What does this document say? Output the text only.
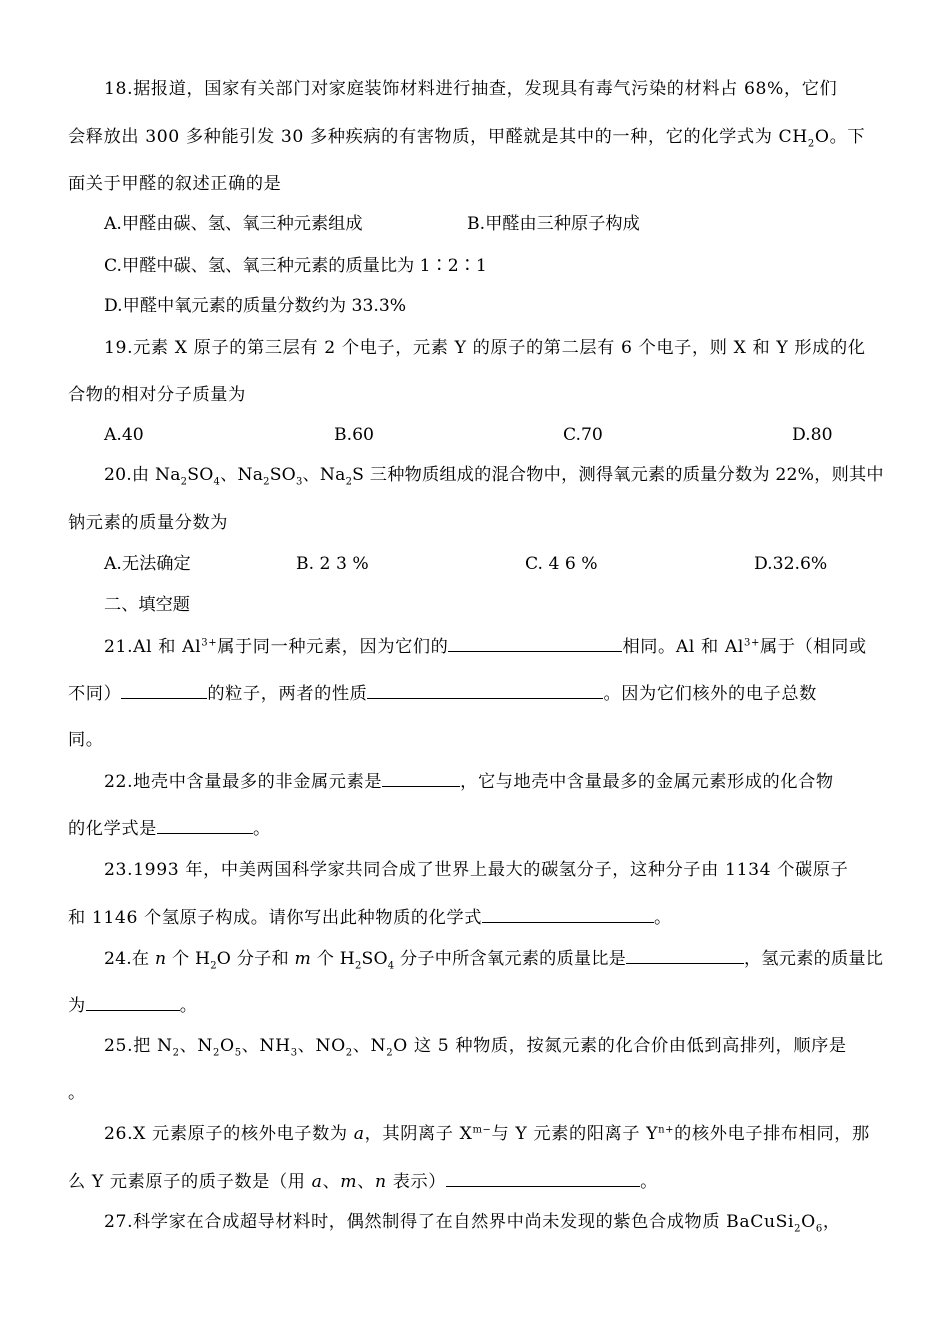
18.据报道，国家有关部门对家庭装饰材料进行抽查，发现具有毒气污染的材料占 68%，它们
会释放出 300 多种能引发 30 多种疾病的有害物质，甲醛就是其中的一种，它的化学式为 $CH_2O$。下
面关于甲醛的叙述正确的是
A.甲醛由碳、氢、氧三种元素组成	B.甲醛由三种原子构成
C.甲醛中碳、氢、氧三种元素的质量比为 1∶2∶1
D.甲醛中氧元素的质量分数约为 33.3%
19.元素 X 原子的第三层有 2 个电子，元素 Y 的原子的第二层有 6 个电子，则 X 和 Y 形成的化
合物的相对分子质量为
A.40	B.60	C.70	D.80
20.由 $Na_2SO_4$、$Na_2SO_3$、$Na_2S$ 三种物质组成的混合物中，测得氧元素的质量分数为 22%，则其中
钠元素的质量分数为
A.无法确定	B. 2 3 %	C. 4 6 %	D.32.6%
二、填空题
21.Al 和 $Al^{3+}$属于同一种元素，因为它们的	相同。Al 和 $Al^{3+}$属于（相同或
不同）	的粒子，两者的性质	。因为它们核外的电子总数
同。
22.地壳中含量最多的非金属元素是	，它与地壳中含量最多的金属元素形成的化合物
的化学式是	。
23.1993 年，中美两国科学家共同合成了世界上最大的碳氢分子，这种分子由 1134 个碳原子
和 1146 个氢原子构成。请你写出此种物质的化学式	。
24.在 n 个 $H_2O$ 分子和 m 个 $H_2SO_4$ 分子中所含氧元素的质量比是	，氢元素的质量比
为	。
25.把 $N_2$、$N_2O_5$、$NH_3$、$NO_2$、$N_2O$ 这 5 种物质，按氮元素的化合价由低到高排列，顺序是
。
26.X 元素原子的核外电子数为 a，其阴离子 $X^{m-}$与 Y 元素的阳离子 $Y^{n+}$的核外电子排布相同，那
么 Y 元素原子的质子数是（用 a、m、n 表示）	。
27.科学家在合成超导材料时，偶然制得了在自然界中尚未发现的紫色合成物质 $BaCuSi_2O_6$，
